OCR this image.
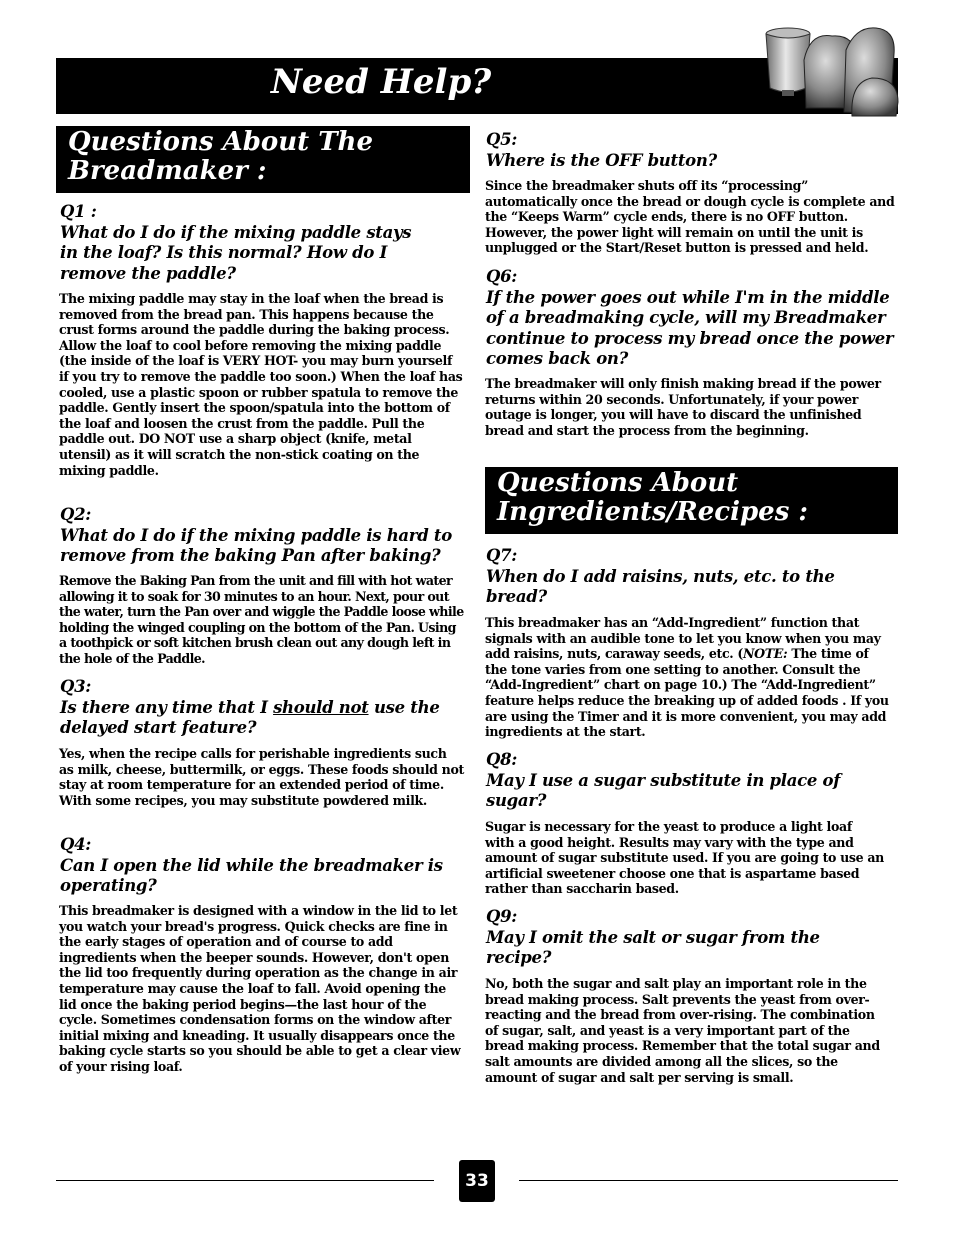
Need Help?
Questions About The Breadmaker :
Q1 :
What do I do if the mixing paddle stays in the loaf? Is this normal? How do I remove the paddle?

The mixing paddle may stay in the loaf when the bread is removed from the bread pan. This happens because the crust forms around the paddle during the baking process.

Allow the loaf to cool before removing the mixing paddle (the inside of the loaf is VERY HOT- you may burn yourself if you try to remove the paddle too soon.) When the loaf has cooled, use a plastic spoon or rubber spatula to remove the paddle. Gently insert the spoon/spatula into the bottom of the loaf and loosen the crust from the paddle. Pull the paddle out. DO NOT use a sharp object (knife, metal utensil) as it will scratch the non-stick coating on the mixing paddle.

Q2:
What do I do if the mixing paddle is hard to remove from the baking Pan after baking?

Remove the Baking Pan from the unit and fill with hot water allowing it to soak for 30 minutes to an hour. Next, pour out the water, turn the Pan over and wiggle the Paddle loose while holding the winged coupling on the bottom of the Pan. Using a toothpick or soft kitchen brush clean out any dough left in the hole of the Paddle.

Q3:
Is there any time that I should not use the delayed start feature?

Yes, when the recipe calls for perishable ingredients such as milk, cheese, buttermilk, or eggs. These foods should not stay at room temperature for an extended period of time. With some recipes, you may substitute powdered milk.

Q4:
Can I open the lid while the breadmaker is operating?

This breadmaker is designed with a window in the lid to let you watch your bread's progress. Quick checks are fine in the early stages of operation and of course to add ingredients when the beeper sounds. However, don't open the lid too frequently during operation as the change in air temperature may cause the loaf to fall. Avoid opening the lid once the baking period begins—the last hour of the cycle. Sometimes condensation forms on the window after initial mixing and kneading. It usually disappears once the baking cycle starts so you should be able to get a clear view of your rising loaf.

Q5:
Where is the OFF button?

Since the breadmaker shuts off its “processing” automatically once the bread or dough cycle is complete and the “Keeps Warm” cycle ends, there is no OFF button. However, the power light will remain on until the unit is unplugged or the Start/Reset button is pressed and held.

Q6:
If the power goes out while I'm in the middle of a breadmaking cycle, will my Breadmaker continue to process my bread once the power comes back on?

The breadmaker will only finish making bread if the power returns within 20 seconds. Unfortunately, if your power outage is longer, you will have to discard the unfinished bread and start the process from the beginning.

Questions About Ingredients/Recipes :
Q7:
When do I add raisins, nuts, etc. to the bread?

This breadmaker has an “Add-Ingredient” function that signals with an audible tone to let you know when you may add raisins, nuts, caraway seeds, etc. (NOTE: The time of the tone varies from one setting to another. Consult the “Add-Ingredient” chart on page 10.) The “Add-Ingredient” feature helps reduce the breaking up of added foods . If you are using the Timer and it is more convenient, you may add ingredients at the start.

Q8:
May I use a sugar substitute in place of sugar?

Sugar is necessary for the yeast to produce a light loaf with a good height. Results may vary with the type and amount of sugar substitute used. If you are going to use an artificial sweetener choose one that is aspartame based rather than saccharin based.

Q9:
May I omit the salt or sugar from the recipe?

No, both the sugar and salt play an important role in the bread making process. Salt prevents the yeast from over-reacting and the bread from over-rising. The combination of sugar, salt, and yeast is a very important part of the bread making process. Remember that the total sugar and salt amounts are divided among all the slices, so the amount of sugar and salt per serving is small.

33
